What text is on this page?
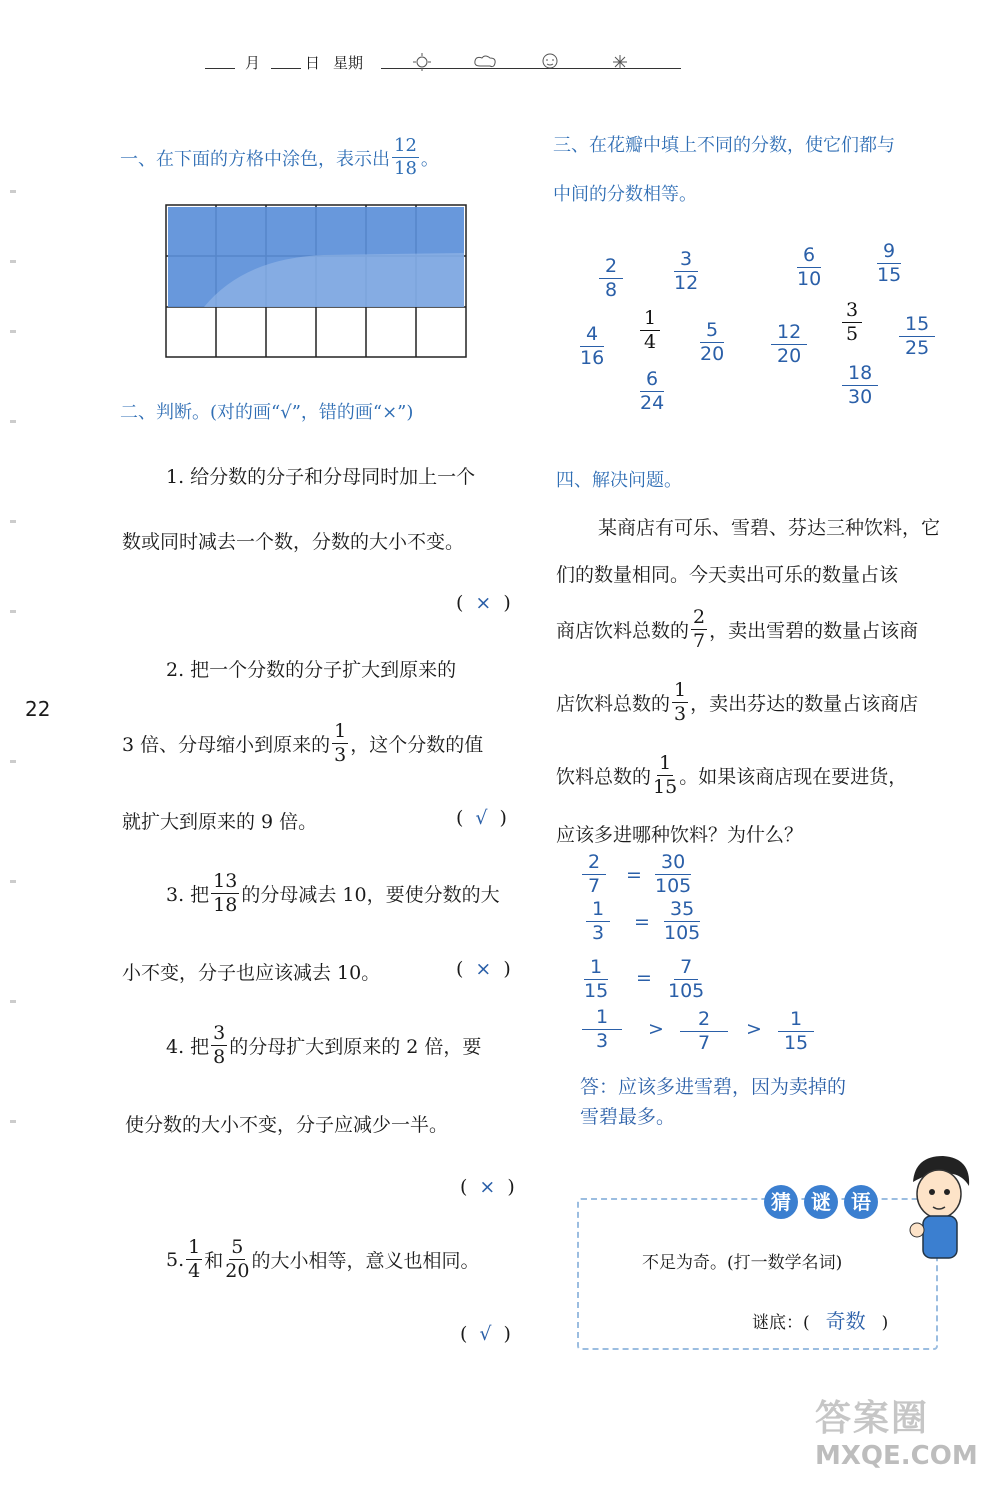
月	日 星期
22
一、在下面的方格中涂色，表示出 $\frac{12}{18}$ 。
二、判断。(对的画“√”，错的画“×”)
1. 给分数的分子和分母同时加上一个
数或同时减去一个数，分数的大小不变。
( × )
2. 把一个分数的分子扩大到原来的
3 倍、分母缩小到原来的 $\frac{1}{3}$ ，这个分数的值
就扩大到原来的 9 倍。	( √ )
3. 把 $\frac{13}{18}$ 的分母减去 10，要使分数的大
小不变，分子也应该减去 10。	( × )
4. 把 $\frac{3}{8}$ 的分母扩大到原来的 2 倍，要
使分数的大小不变，分子应减少一半。
( × )
5. $\frac{1}{4}$ 和 $\frac{5}{20}$ 的大小相等，意义也相同。
( √ )
三、在花瓣中填上不同的分数，使它们都与
中间的分数相等。
$\frac{2}{8}$	$\frac{3}{12}$
$\frac{4}{16} \frac{1}{4} \frac{5}{20}$
$\frac{6}{24}$
$\frac{6}{10}$	$\frac{9}{15}$
$\frac{12}{20}$
$\frac{3}{5} \frac{15}{25}$
$\frac{18}{30}$
四、解决问题。
某商店有可乐、雪碧、芬达三种饮料，它
们的数量相同。今天卖出可乐的数量占该
商店饮料总数的 $\frac{2}{7}$ ，卖出雪碧的数量占该商
店饮料总数的 $\frac{1}{3}$ ，卖出芬达的数量占该商店
饮料总数的 $\frac{1}{15}$ 。如果该商店现在要进货，
应该多进哪种饮料？为什么？
$\frac{2}{7} = \frac{30}{105}$
$\frac{1}{3} = \frac{35}{105}$
$\frac{1}{15} = \frac{7}{105}$
$\frac{1}{3} > \frac{2}{7} > \frac{1}{15}$
答：应该多进雪碧，因为卖掉的
雪碧最多。
猜	谜	语
不足为奇。(打一数学名词)
谜底：( 奇数 )
答案圈
MXQE.COM
